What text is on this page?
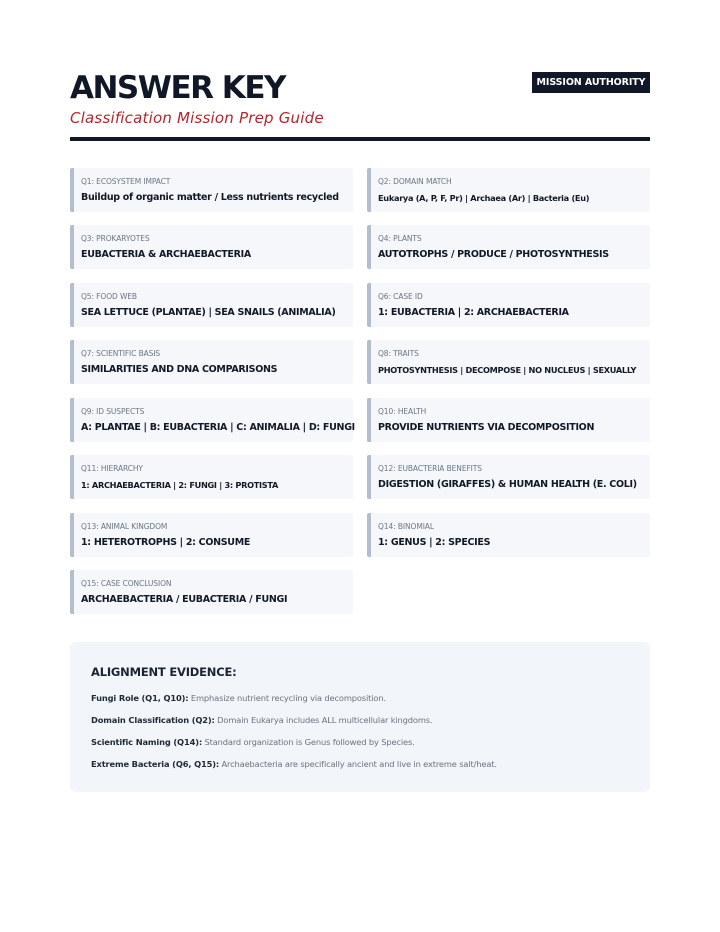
ANSWER KEY
Classification Mission Prep Guide
MISSION AUTHORITY
Q1: ECOSYSTEM IMPACT
Buildup of organic matter / Less nutrients recycled
Q2: DOMAIN MATCH
Eukarya (A, P, F, Pr) | Archaea (Ar) | Bacteria (Eu)
Q3: PROKARYOTES
EUBACTERIA & ARCHAEBACTERIA
Q4: PLANTS
AUTOTROPHS / PRODUCE / PHOTOSYNTHESIS
Q5: FOOD WEB
SEA LETTUCE (PLANTAE) | SEA SNAILS (ANIMALIA)
Q6: CASE ID
1: EUBACTERIA | 2: ARCHAEBACTERIA
Q7: SCIENTIFIC BASIS
SIMILARITIES AND DNA COMPARISONS
Q8: TRAITS
PHOTOSYNTHESIS | DECOMPOSE | NO NUCLEUS | SEXUALLY
Q9: ID SUSPECTS
A: PLANTAE | B: EUBACTERIA | C: ANIMALIA | D: FUNGI
Q10: HEALTH
PROVIDE NUTRIENTS VIA DECOMPOSITION
Q11: HIERARCHY
1: ARCHAEBACTERIA | 2: FUNGI | 3: PROTISTA
Q12: EUBACTERIA BENEFITS
DIGESTION (GIRAFFES) & HUMAN HEALTH (E. COLI)
Q13: ANIMAL KINGDOM
1: HETEROTROPHS | 2: CONSUME
Q14: BINOMIAL
1: GENUS | 2: SPECIES
Q15: CASE CONCLUSION
ARCHAEBACTERIA / EUBACTERIA / FUNGI
ALIGNMENT EVIDENCE:
Fungi Role (Q1, Q10): Emphasize nutrient recycling via decomposition.
Domain Classification (Q2): Domain Eukarya includes ALL multicellular kingdoms.
Scientific Naming (Q14): Standard organization is Genus followed by Species.
Extreme Bacteria (Q6, Q15): Archaebacteria are specifically ancient and live in extreme salt/heat.
